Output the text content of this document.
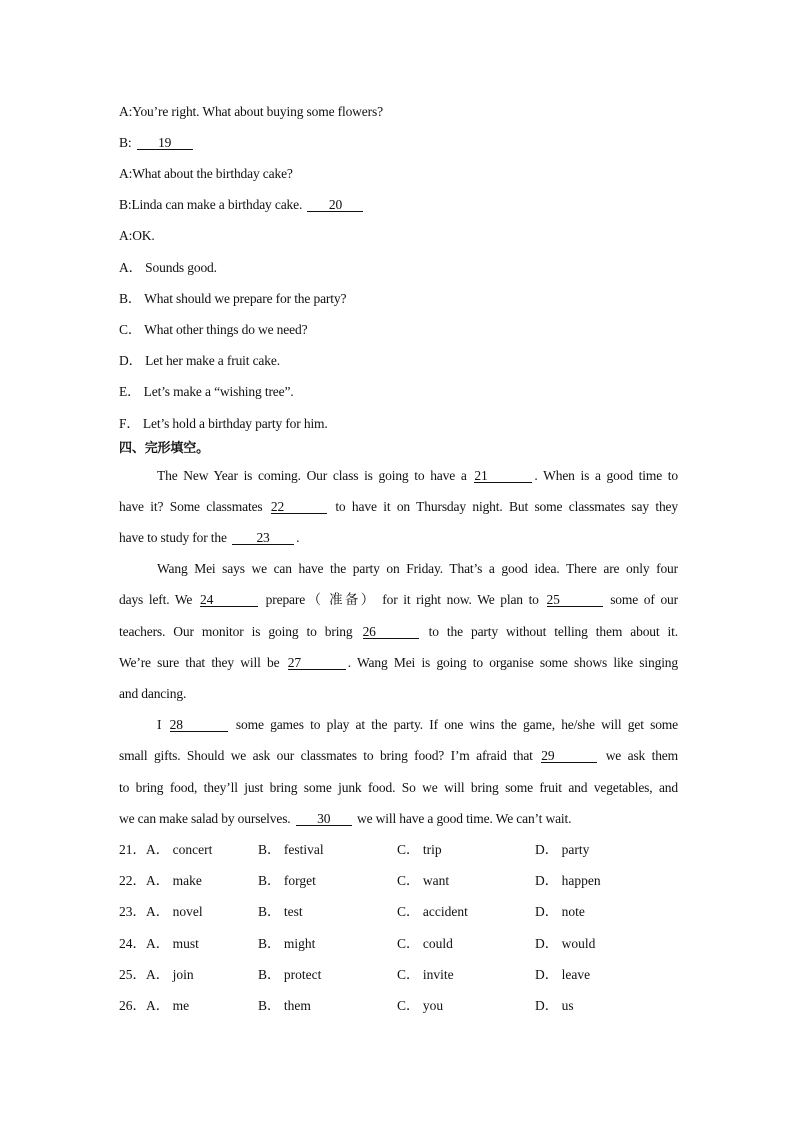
A:You’re right. What about buying some flowers?
B: 19
A:What about the birthday cake?
B:Linda can make a birthday cake. 20
A:OK.
A． Sounds good.
B． What should we prepare for the party?
C． What other things do we need?
D． Let her make a fruit cake.
E． Let’s make a “wishing tree”.
F． Let’s hold a birthday party for him.
四、完形填空。
The New Year is coming. Our class is going to have a 21	. When is a good time to
have it? Some classmates 22	to have it on Thursday night. But some classmates say they
have to study for the 23 .
Wang Mei says we can have the party on Friday. That’s a good idea. There are only four
days left. We 24	prepare（ 准备） for it right now. We plan to 25	some of our
teachers. Our monitor is going to bring 26	to the party without telling them about it.
We’re sure that they will be 27	. Wang Mei is going to organise some shows like singing
and dancing.
I 28	some games to play at the party. If one wins the game, he/she will get some
small gifts. Should we ask our classmates to bring food? I’m afraid that 29	we ask them
to bring food, they’ll just bring some junk food. So we will bring some fruit and vegetables, and
we can make salad by ourselves. 30 we will have a good time. We can’t wait.
21．A． concert	B． festival	C． trip	D． party
22．A． make	B． forget	C． want	D． happen
23．A． novel	B． test	C． accident	D． note
24．A． must	B． might	C． could	D． would
25．A． join	B． protect	C． invite	D． leave
26．A． me	B． them	C． you	D． us
